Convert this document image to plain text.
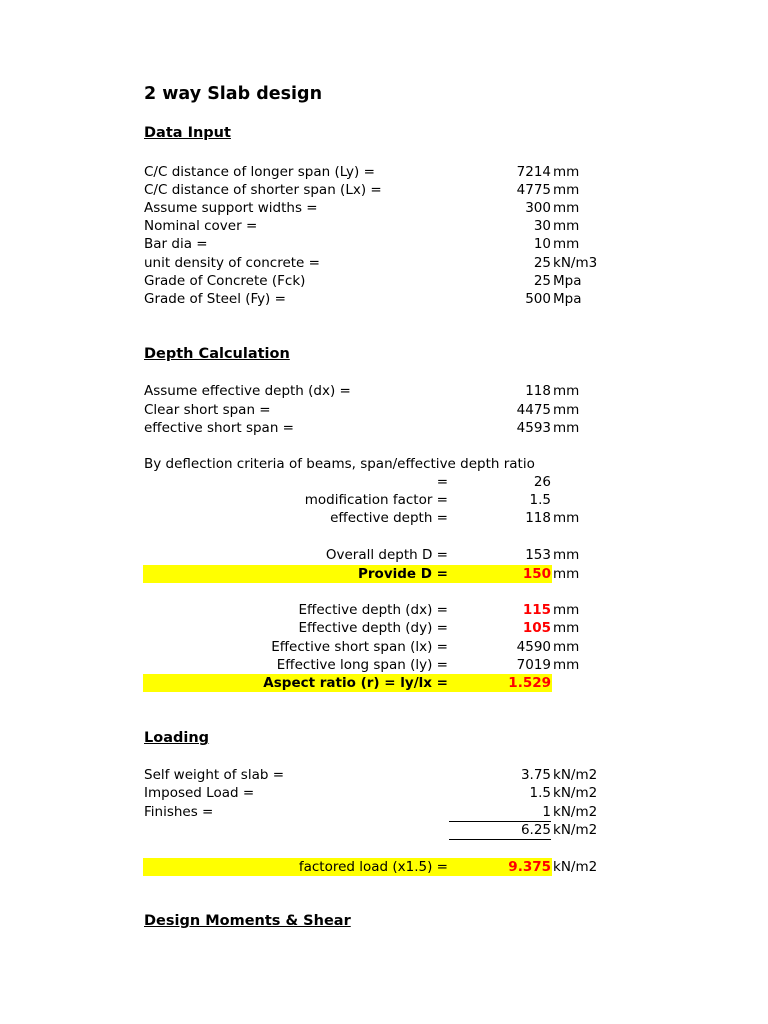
2 way Slab design
Data Input
C/C distance of longer span (Ly) =	7214 mm
C/C distance of shorter span (Lx) =	4775 mm
Assume support widths =	300 mm
Nominal cover =	30 mm
Bar dia =	10 mm
unit density of concrete =	25 kN/m3
Grade of Concrete (Fck)	25 Mpa
Grade of Steel (Fy) =	500 Mpa
Depth Calculation
Assume effective depth (dx) =	118 mm
Clear short span =	4475 mm
effective short span =	4593 mm
By deflection criteria of beams, span/effective depth ratio
=	26
modification factor =	1.5
effective depth =	118 mm
Overall depth D =	153 mm
Provide D =	150 mm
Effective depth (dx) =	115 mm
Effective depth (dy) =	105 mm
Effective short span (lx) =	4590 mm
Effective long span (ly) =	7019 mm
Aspect ratio (r) = ly/lx =	1.529
Loading
Self weight of slab =	3.75 kN/m2
Imposed Load =	1.5 kN/m2
Finishes =	1 kN/m2
6.25 kN/m2
factored load (x1.5) =	9.375 kN/m2
Design Moments & Shear
